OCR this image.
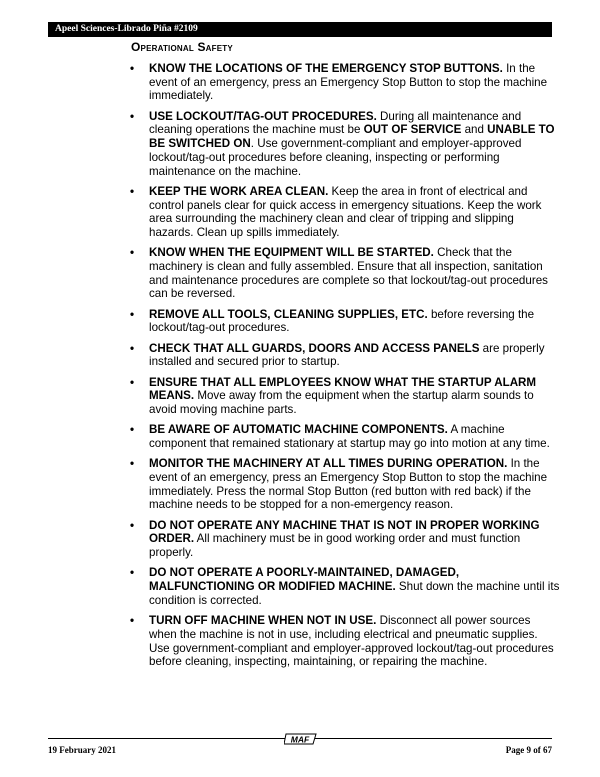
Apeel Sciences-Librado Piña #2109
Operational Safety
• KNOW THE LOCATIONS OF THE EMERGENCY STOP BUTTONS. In the event of an emergency, press an Emergency Stop Button to stop the machine immediately.
• USE LOCKOUT/TAG-OUT PROCEDURES. During all maintenance and cleaning operations the machine must be OUT OF SERVICE and UNABLE TO BE SWITCHED ON. Use government-compliant and employer-approved lockout/tag-out procedures before cleaning, inspecting or performing maintenance on the machine.
• KEEP THE WORK AREA CLEAN. Keep the area in front of electrical and control panels clear for quick access in emergency situations. Keep the work area surrounding the machinery clean and clear of tripping and slipping hazards. Clean up spills immediately.
• KNOW WHEN THE EQUIPMENT WILL BE STARTED. Check that the machinery is clean and fully assembled. Ensure that all inspection, sanitation and maintenance procedures are complete so that lockout/tag-out procedures can be reversed.
• REMOVE ALL TOOLS, CLEANING SUPPLIES, ETC. before reversing the lockout/tag-out procedures.
• CHECK THAT ALL GUARDS, DOORS AND ACCESS PANELS are properly installed and secured prior to startup.
• ENSURE THAT ALL EMPLOYEES KNOW WHAT THE STARTUP ALARM MEANS. Move away from the equipment when the startup alarm sounds to avoid moving machine parts.
• BE AWARE OF AUTOMATIC MACHINE COMPONENTS. A machine component that remained stationary at startup may go into motion at any time.
• MONITOR THE MACHINERY AT ALL TIMES DURING OPERATION. In the event of an emergency, press an Emergency Stop Button to stop the machine immediately. Press the normal Stop Button (red button with red back) if the machine needs to be stopped for a non-emergency reason.
• DO NOT OPERATE ANY MACHINE THAT IS NOT IN PROPER WORKING ORDER. All machinery must be in good working order and must function properly.
• DO NOT OPERATE A POORLY-MAINTAINED, DAMAGED, MALFUNCTIONING OR MODIFIED MACHINE. Shut down the machine until its condition is corrected.
• TURN OFF MACHINE WHEN NOT IN USE. Disconnect all power sources when the machine is not in use, including electrical and pneumatic supplies. Use government-compliant and employer-approved lockout/tag-out procedures before cleaning, inspecting, maintaining, or repairing the machine.
19 February 2021
MAF
Page 9 of 67
